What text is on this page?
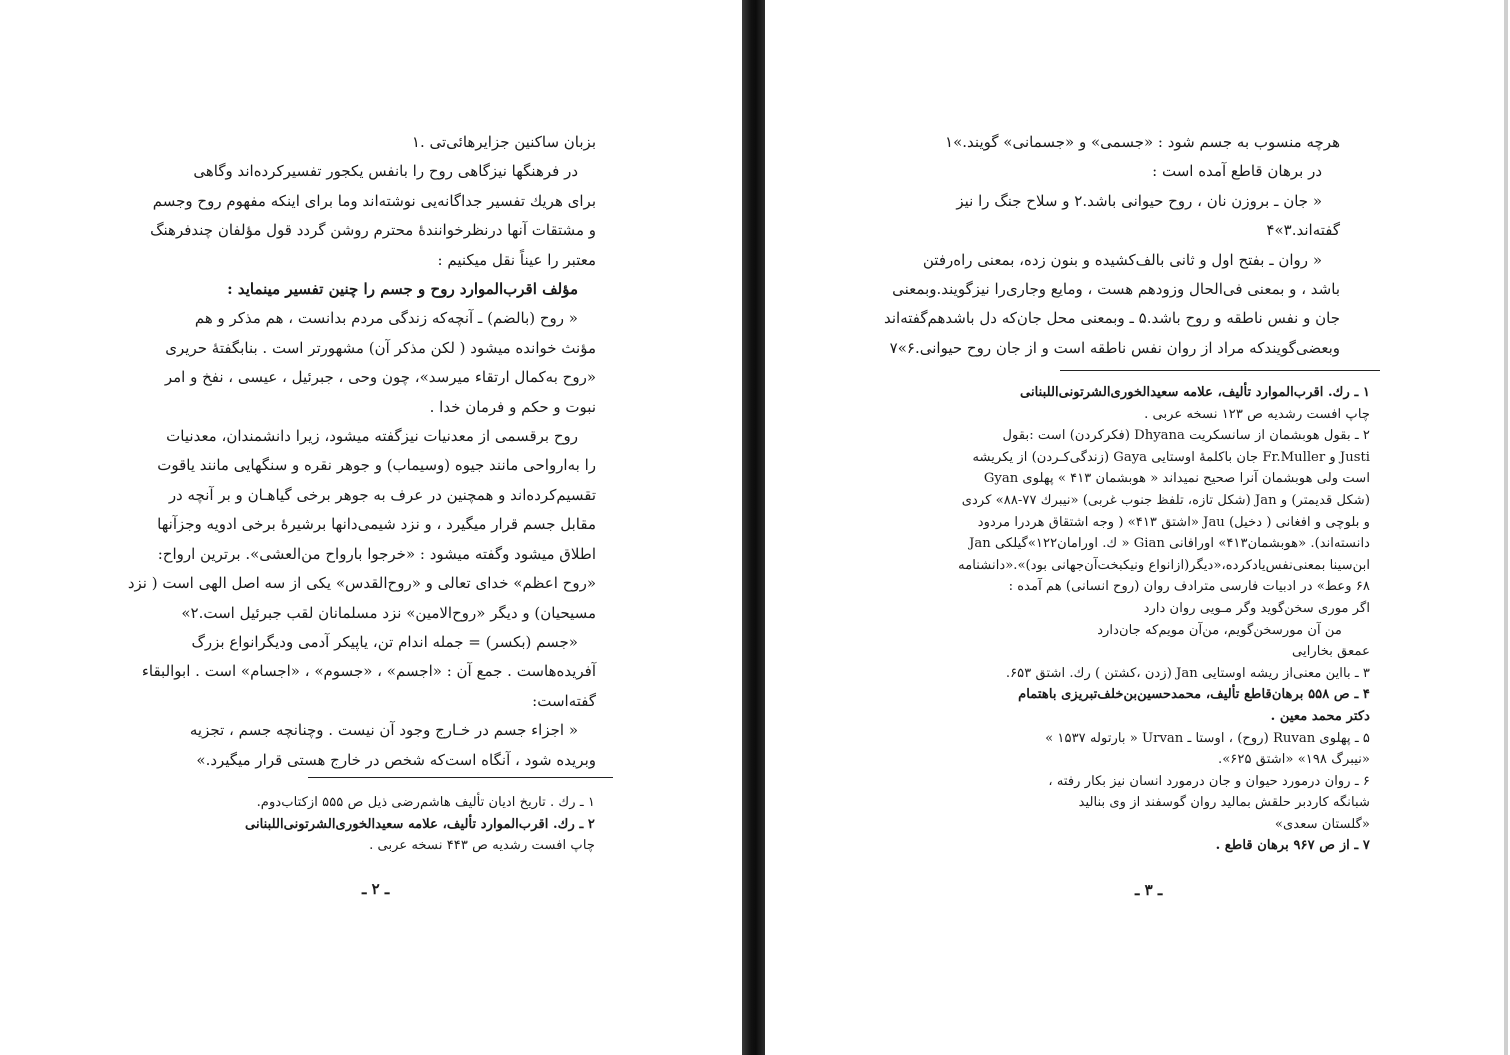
بزبان ساکنین جزایرهائی‌تی .۱
در فرهنگها نیزگاهی روح را بانفس یکجور تفسیرکرده‌اند وگاهی
برای هریك تفسیر جداگانه‌یی نوشته‌اند وما برای اینکه مفهوم روح وجسم
و مشتقات آنها درنظرخوانندهٔ محترم روشن گردد قول مؤلفان چندفرهنگ
معتبر را عیناً نقل میکنیم :
مؤلف اقرب‌الموارد روح و جسم را چنین تفسیر مینماید :
« روح (بالضم) ـ آنچه‌که زندگی مردم بدانست ، هم مذکر و هم
مؤنث خوانده میشود ( لکن مذکر آن) مشهورتر است . بنابگفتهٔ حریری
«روح به‌کمال ارتقاء میرسد»، چون وحی ، جبرئیل ، عیسی ، نفخ و امر
نبوت و حکم و فرمان خدا .
روح برقسمی از معدنیات نیزگفته میشود، زیرا دانشمندان، معدنیات
را به‌ارواحی مانند جیوه (وسیماب) و جوهر نقره و سنگهایی مانند یاقوت
تقسیم‌کرده‌اند و همچنین در عرف به جوهر برخی گیاهـان و بر آنچه در
مقابل جسم قرار میگیرد ، و نزد شیمی‌دانها برشیرهٔ برخی ادویه وجزآنها
اطلاق میشود وگفته میشود : «خرجوا بارواح من‌العشی». برترین ارواح:
«روح اعظم» خدای تعالی و «روح‌القدس» یکی از سه اصل الهی است ( نزد
مسیحیان) و دیگر «روح‌الامین» نزد مسلمانان لقب جبرئیل است.۲»
«جسم (بکسر) = جمله اندام تن، یاپیکر آدمی ودیگرانواع بزرگ
آفریده‌هاست . جمع آن : «اجسم» ، «جسوم» ، «اجسام» است . ابوالبقاء
گفته‌است:
« اجزاء جسم در خـارج وجود آن نیست . وچنانچه جسم ، تجزیه
وبریده شود ، آنگاه است‌که شخص در خارج هستی قرار میگیرد.»
۱ ـ رك . تاریخ ادیان تألیف هاشم‌رضی ذیل ص ۵۵۵ ازکتاب‌دوم.
۲ ـ رك. اقرب‌الموارد تألیف، علامه سعیدالخوری‌الشرتونی‌اللبنانی
چاپ افست رشدیه ص ۴۴۳ نسخه عربی .
ـ ۲ ـ
هرچه منسوب به جسم شود : «جسمی» و «جسمانی» گویند.»۱
در برهان قاطع آمده است :
« جان ـ بروزن نان ، روح حیوانی باشد.۲ و سلاح جنگ را نیز
گفته‌اند.۳»۴
« روان ـ بفتح اول و ثانی بالف‌کشیده و بنون زده، بمعنی راه‌رفتن
باشد ، و بمعنی فی‌الحال وزودهم هست ، ومایع وجاری‌را نیزگویند.وبمعنی
جان و نفس ناطقه و روح باشد.۵ ـ وبمعنی محل جان‌که دل باشدهم‌گفته‌اند
وبعضی‌گویندکه مراد از روان نفس ناطقه است و از جان روح حیوانی.۶»۷
۱ ـ رك. اقرب‌الموارد تألیف، علامه سعیدالخوری‌الشرتونی‌اللبنانی
چاپ افست رشدیه ص ۱۲۳ نسخه عربی .
۲ ـ بقول هوبشمان از سانسکریت Dhyana (فکرکردن) است :بقول
Justi و Fr.Muller جان باکلمهٔ اوستایی Gaya (زندگی‌کـردن) از یکریشه
است ولی هوبشمان آنرا صحیح نمیداند « هوبشمان ۴۱۳ » پهلوی Gyan
(شکل قدیمتر) و Jan (شکل تازه، تلفظ جنوب غربی) «نیبرك ۷۷-۸۸» کردی
و بلوچی و افغانی ( دخیل) Jau «اشتق ۴۱۳» ( وجه اشتقاق هردرا مردود
دانسته‌اند). «هوبشمان۴۱۳» اورافانی Gian « ك. اورامان۱۲۲»گیلکی Jan
ابن‌سینا بمعنی‌نفس‌یادکرده،«دیگر(ازانواع ونیکبخت‌آن‌جهانی بود)».«دانشنامه
۶۸ وعط» در ادبیات فارسی مترادف روان (روح انسانی) هم آمده :
اگر موری سخن‌گوید وگر مـویی روان دارد
من آن مورسخن‌گویم، من‌آن مویم‌که جان‌دارد
عمعق بخارایی
۳ ـ بااین معنی‌از ریشه اوستایی Jan (زدن ،کشتن ) رك. اشتق ۶۵۳.
۴ ـ ص ۵۵۸ برهان‌قاطع تألیف، محمدحسین‌بن‌خلف‌تبریزی باهتمام
دکتر محمد معین .
۵ ـ پهلوی Ruvan (روح) ، اوستا ـ Urvan « بارتوله ۱۵۳۷ »
«نیبرگ ۱۹۸» «اشتق ۶۲۵».
۶ ـ روان درمورد حیوان و جان درمورد انسان نیز بکار رفته ،
شبانگه کاردبر حلقش بمالید روان گوسفند از وی بنالید
«گلستان سعدی»
۷ ـ از ص ۹۶۷ برهان قاطع .
ـ ۳ ـ
